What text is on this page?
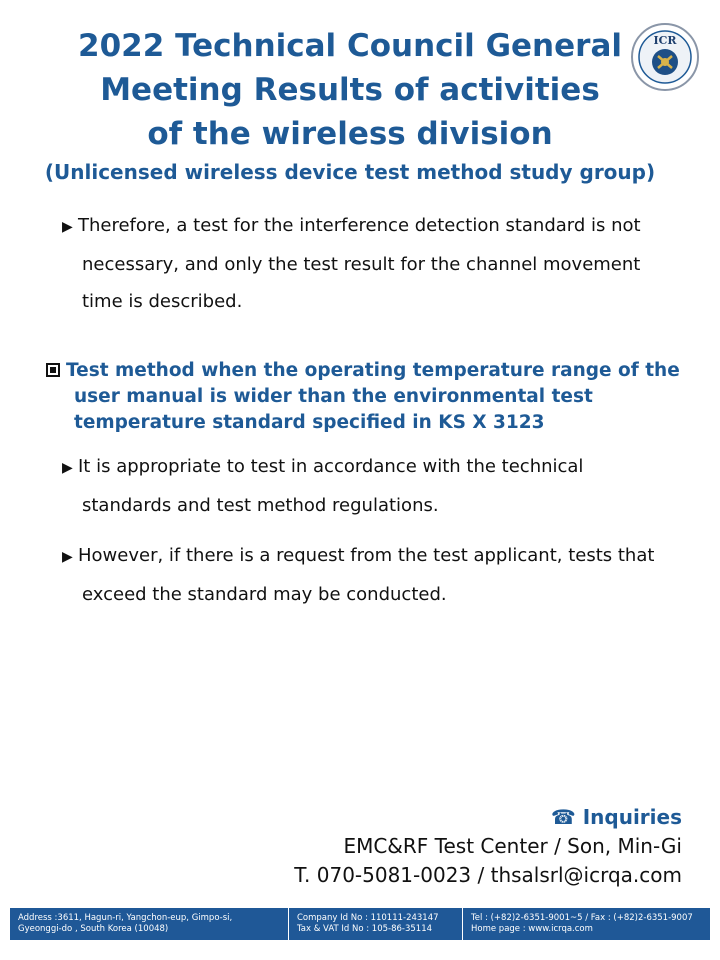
2022 Technical Council General
Meeting Results of activities
of the wireless division
(Unlicensed wireless device test method study group)
ICR
▶ Therefore, a test for the interference detection standard is not
necessary, and only the test result for the channel movement
time is described.
Test method when the operating temperature range of the
user manual is wider than the environmental test
temperature standard specified in KS X 3123
▶ It is appropriate to test in accordance with the technical
standards and test method regulations.
▶ However, if there is a request from the test applicant, tests that
exceed the standard may be conducted.
☎ Inquiries
EMC&RF Test Center / Son, Min-Gi
T. 070-5081-0023 / thsalsrl@icrqa.com
Address :3611, Hagun-ri, Yangchon-eup, Gimpo-si,
Gyeonggi-do , South Korea (10048)
Company Id No : 110111-243147
Tax & VAT Id No : 105-86-35114
Tel : (+82)2-6351-9001~5 / Fax : (+82)2-6351-9007
Home page : www.icrqa.com
